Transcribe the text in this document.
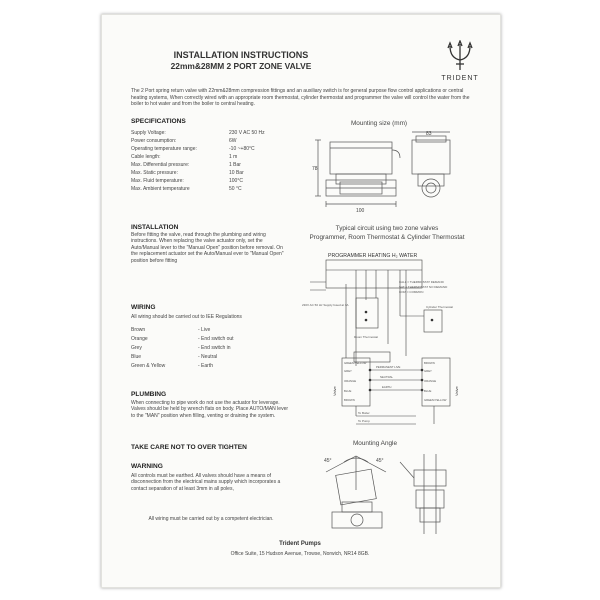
INSTALLATION INSTRUCTIONS
22mm&28MM 2 PORT ZONE VALVE
TRIDENT
The 2 Port spring return valve with 22mm&28mm compression fittings and an auxiliary switch is for general purpose flow control applications or central heating systems, When correctly wired with an appropriate room thermostat, cylinder thermostat and programmer the valve will control the water from the boiler to hot water and from the boiler to central heating.
SPECIFICATIONS
Supply Voltage:	230 V AC 50 Hz
Power consumption:	6W
Operating temperature range:	-10 ~+80°C
Cable length:	1 m
Max. Differential pressure:	1 Bar
Max. Static pressure:	10 Bar
Max. Fluid temperature:	100°C
Max. Ambient temperature	50 °C
Mounting size (mm)
78
100
83
INSTALLATION
Before fitting the valve, read through the plumbing and wiring instructions. When replacing the valve actuator only, set the Auto/Manual lever to the "Manual Open" position before removal. On the replacement actuator set the Auto/Manual ever to "Manual Open" position before fitting
Typical circuit using two zone valves
Programmer, Room Thermostat & Cylinder Thermostat
PROGRAMMER HEATING H₂ WATER
230V AC 50 Hz Supply fused at 3A
CALL = THERMOSTAT DEMAND
SAT = THERMOSTAT NO DEMAND
COM = COMMON
Room Thermostat
Cylinder Thermostat
GREEN/YELLOW
GREY
ORANGE
BLUE
BROWN
BROWN
GREY
ORANGE
BLUE
GREEN/YELLOW
PERMANENT LIVE
NEUTRAL
EARTH
Valve	Valve
To Boiler
To Pump
WIRING
All wiring should be carried out to IEE Regulations
Brown	- Live
Orange	- End switch out
Grey	- End switch in
Blue	- Neutral
Green & Yellow	- Earth
PLUMBING
When connecting to pipe work do not use the actuator for leverage. Valves should be held by wrench flats on body. Place AUTO/MAN lever to the "MAN" position when filling, venting or draining the system.
TAKE CARE NOT TO OVER TIGHTEN
WARNING
All controls must be earthed. All valves should have a means of disconnection from the electrical mains supply which incorporates a contact separation of at least 3mm in all poles,
All wiring must be carried out by a competent electrician.
Mounting Angle
45°	45°
Trident Pumps
Office Suite, 15 Hudson Avenue, Trowse, Norwich, NR14 8GB.
